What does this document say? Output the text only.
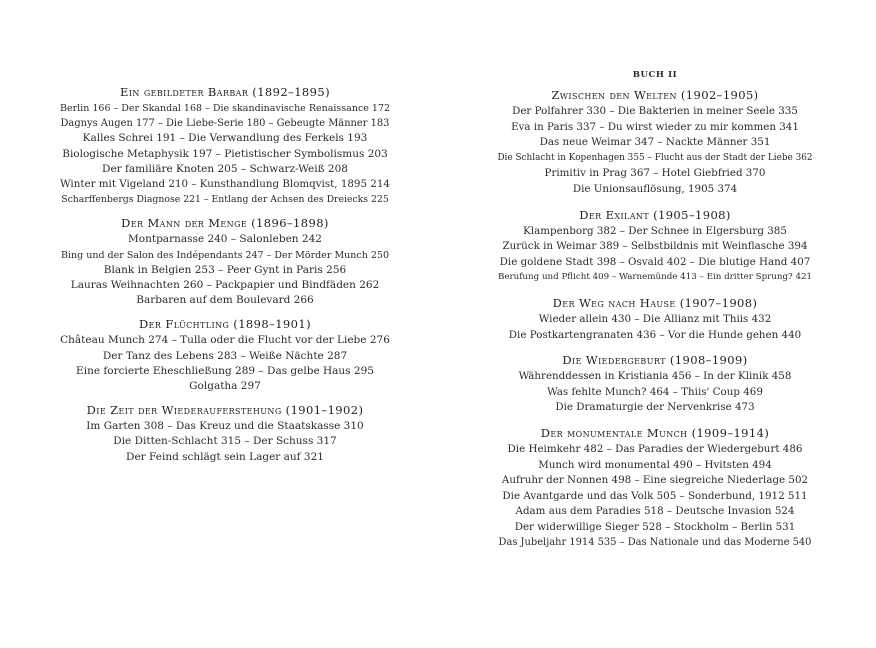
Ein gebildeter Barbar (1892–1895)
Berlin 166 – Der Skandal 168 – Die skandinavische Renaissance 172
Dagnys Augen 177 – Die Liebe-Serie 180 – Gebeugte Männer 183
Kalles Schrei 191 – Die Verwandlung des Ferkels 193
Biologische Metaphysik 197 – Pietistischer Symbolismus 203
Der familiäre Knoten 205 – Schwarz-Weiß 208
Winter mit Vigeland 210 – Kunsthandlung Blomqvist, 1895 214
Scharffenbergs Diagnose 221 – Entlang der Achsen des Dreiecks 225
Der Mann der Menge (1896–1898)
Montparnasse 240 – Salonleben 242
Bing und der Salon des Indépendants 247 – Der Mörder Munch 250
Blank in Belgien 253 – Peer Gynt in Paris 256
Lauras Weihnachten 260 – Packpapier und Bindfäden 262
Barbaren auf dem Boulevard 266
Der Flüchtling (1898–1901)
Château Munch 274 – Tulla oder die Flucht vor der Liebe 276
Der Tanz des Lebens 283 – Weiße Nächte 287
Eine forcierte Eheschließung 289 – Das gelbe Haus 295
Golgatha 297
Die Zeit der Wiederauferstehung (1901–1902)
Im Garten 308 – Das Kreuz und die Staatskasse 310
Die Ditten-Schlacht 315 – Der Schuss 317
Der Feind schlägt sein Lager auf 321
BUCH II
Zwischen den Welten (1902–1905)
Der Polfahrer 330 – Die Bakterien in meiner Seele 335
Eva in Paris 337 – Du wirst wieder zu mir kommen 341
Das neue Weimar 347 – Nackte Männer 351
Die Schlacht in Kopenhagen 355 – Flucht aus der Stadt der Liebe 362
Primitiv in Prag 367 – Hotel Giebfried 370
Die Unionsauflösung, 1905 374
Der Exilant (1905–1908)
Klampenborg 382 – Der Schnee in Elgersburg 385
Zurück in Weimar 389 – Selbstbildnis mit Weinflasche 394
Die goldene Stadt 398 – Osvald 402 – Die blutige Hand 407
Berufung und Pflicht 409 – Warnemünde 413 – Ein dritter Sprung? 421
Der Weg nach Hause (1907–1908)
Wieder allein 430 – Die Allianz mit Thiis 432
Die Postkartengranaten 436 – Vor die Hunde gehen 440
Die Wiedergeburt (1908–1909)
Währenddessen in Kristiania 456 – In der Klinik 458
Was fehlte Munch? 464 – Thiis' Coup 469
Die Dramaturgie der Nervenkrise 473
Der monumentale Munch (1909–1914)
Die Heimkehr 482 – Das Paradies der Wiedergeburt 486
Munch wird monumental 490 – Hvitsten 494
Aufruhr der Nonnen 498 – Eine siegreiche Niederlage 502
Die Avantgarde und das Volk 505 – Sonderbund, 1912 511
Adam aus dem Paradies 518 – Deutsche Invasion 524
Der widerwillige Sieger 528 – Stockholm – Berlin 531
Das Jubeljahr 1914 535 – Das Nationale und das Moderne 540
